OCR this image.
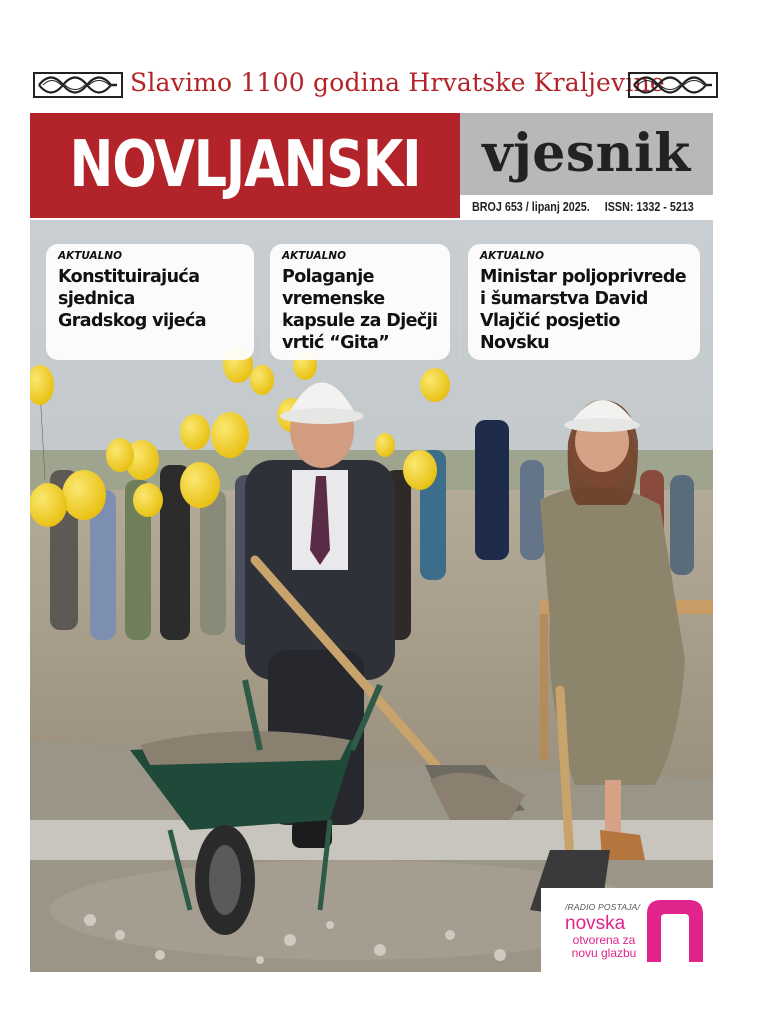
Slavimo 1100 godina Hrvatske Kraljevine
NOVLJANSKI	vjesnik
BROJ 653 / lipanj 2025. ISSN: 1332 - 5213
AKTUALNO
Konstituirajuća
sjednica
Gradskog vijeća
AKTUALNO
Polaganje
vremenske
kapsule za Dječji
vrtić “Gita”
AKTUALNO
Ministar poljoprivrede
i šumarstva David
Vlajčić posjetio
Novsku
/RADIO POSTAJA/
novska
otvorena za
novu glazbu
